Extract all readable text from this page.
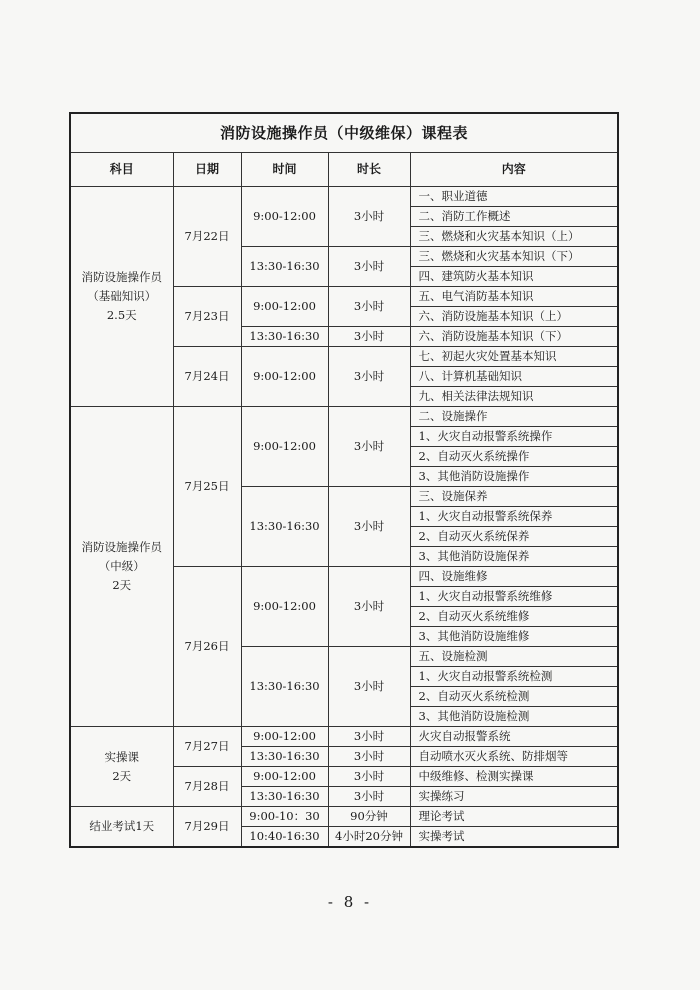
消防设施操作员（中级维保）课程表				
科目	日期	时间	时长	内容

消防设施操作员
（基础知识）
2.5天	7月22日	9:00-12:00	3小时	一、职业道德
				二、消防工作概述
				三、燃烧和火灾基本知识（上）
		13:30-16:30	3小时	三、燃烧和火灾基本知识（下）
				四、建筑防火基本知识
	7月23日	9:00-12:00	3小时	五、电气消防基本知识
				六、消防设施基本知识（上）
		13:30-16:30	3小时	六、消防设施基本知识（下）
	7月24日	9:00-12:00	3小时	七、初起火灾处置基本知识
				八、计算机基础知识
				九、相关法律法规知识

消防设施操作员
（中级）
2天	7月25日	9:00-12:00	3小时	二、设施操作
				1、火灾自动报警系统操作
				2、自动灭火系统操作
				3、其他消防设施操作
		13:30-16:30	3小时	三、设施保养
				1、火灾自动报警系统保养
				2、自动灭火系统保养
				3、其他消防设施保养
	7月26日	9:00-12:00	3小时	四、设施维修
				1、火灾自动报警系统维修
				2、自动灭火系统维修
				3、其他消防设施维修
		13:30-16:30	3小时	五、设施检测
				1、火灾自动报警系统检测
				2、自动灭火系统检测
				3、其他消防设施检测

实操课
2天	7月27日	9:00-12:00	3小时	火灾自动报警系统
		13:30-16:30	3小时	自动喷水灭火系统、防排烟等
	7月28日	9:00-12:00	3小时	中级维修、检测实操课
		13:30-16:30	3小时	实操练习

结业考试1天	7月29日	9:00-10：30	90分钟	理论考试
		10:40-16:30	4小时20分钟	实操考试
- 8 -
